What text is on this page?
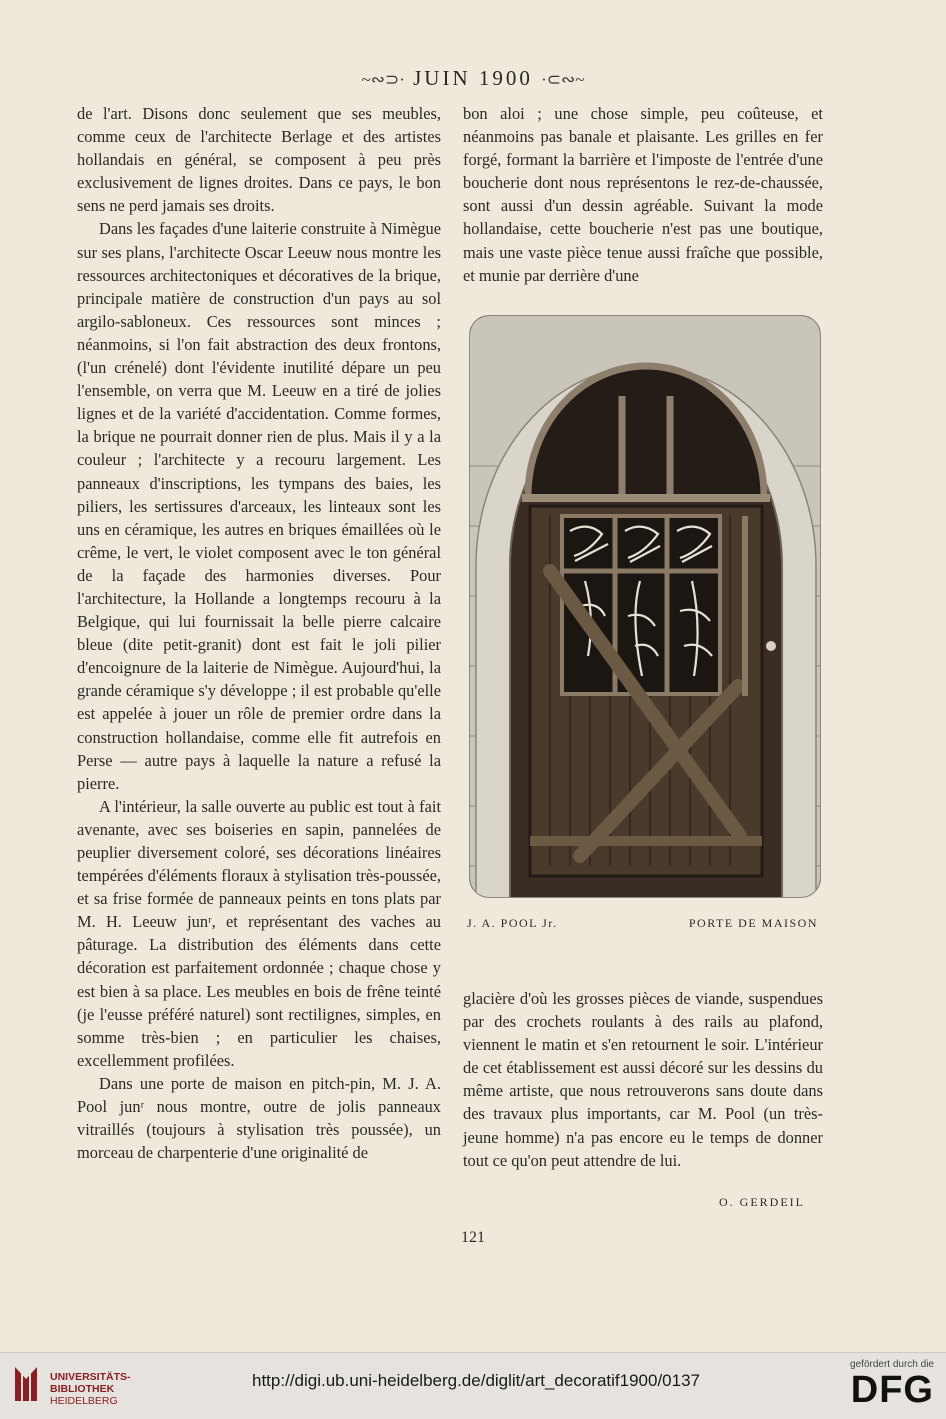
~∾⊃· JUIN 1900 ·⊂∾~

de l'art. Disons donc seulement que ses meubles, comme ceux de l'architecte Berlage et des artistes hollandais en général, se composent à peu près exclusivement de lignes droites. Dans ce pays, le bon sens ne perd jamais ses droits.

Dans les façades d'une laiterie construite à Nimègue sur ses plans, l'architecte Oscar Leeuw nous montre les ressources architectoniques et décoratives de la brique, principale matière de construction d'un pays au sol argilo-sabloneux. Ces ressources sont minces ; néanmoins, si l'on fait abstraction des deux frontons, (l'un crénelé) dont l'évidente inutilité dépare un peu l'ensemble, on verra que M. Leeuw en a tiré de jolies lignes et de la variété d'accidentation. Comme formes, la brique ne pourrait donner rien de plus. Mais il y a la couleur ; l'architecte y a recouru largement. Les panneaux d'inscriptions, les tympans des baies, les piliers, les sertissures d'arceaux, les linteaux sont les uns en céramique, les autres en briques émaillées où le crême, le vert, le violet composent avec le ton général de la façade des harmonies diverses. Pour l'architecture, la Hollande a longtemps recouru à la Belgique, qui lui fournissait la belle pierre calcaire bleue (dite petit-granit) dont est fait le joli pilier d'encoignure de la laiterie de Nimègue. Aujourd'hui, la grande céramique s'y développe ; il est probable qu'elle est appelée à jouer un rôle de premier ordre dans la construction hollandaise, comme elle fit autrefois en Perse — autre pays à laquelle la nature a refusé la pierre.

A l'intérieur, la salle ouverte au public est tout à fait avenante, avec ses boiseries en sapin, pannelées de peuplier diversement coloré, ses décorations linéaires tempérées d'éléments floraux à stylisation très-poussée, et sa frise formée de panneaux peints en tons plats par M. H. Leeuw junʳ, et représentant des vaches au pâturage. La distribution des éléments dans cette décoration est parfaitement ordonnée ; chaque chose y est bien à sa place. Les meubles en bois de frêne teinté (je l'eusse préféré naturel) sont rectilignes, simples, en somme très-bien ; en particulier les chaises, excellemment profilées.

Dans une porte de maison en pitch-pin, M. J. A. Pool junʳ nous montre, outre de jolis panneaux vitraillés (toujours à stylisation très poussée), un morceau de charpenterie d'une originalité de

bon aloi ; une chose simple, peu coûteuse, et néanmoins pas banale et plaisante. Les grilles en fer forgé, formant la barrière et l'imposte de l'entrée d'une boucherie dont nous représentons le rez-de-chaussée, sont aussi d'un dessin agréable. Suivant la mode hollandaise, cette boucherie n'est pas une boutique, mais une vaste pièce tenue aussi fraîche que possible, et munie par derrière d'une

J. A. POOL Jr.	PORTE DE MAISON

glacière d'où les grosses pièces de viande, suspendues par des crochets roulants à des rails au plafond, viennent le matin et s'en retournent le soir. L'intérieur de cet établissement est aussi décoré sur les dessins du même artiste, que nous retrouverons sans doute dans des travaux plus importants, car M. Pool (un très-jeune homme) n'a pas encore eu le temps de donner tout ce qu'on peut attendre de lui.

O. GERDEIL
121
UNIVERSITÄTS-
BIBLIOTHEK
HEIDELBERG
http://digi.ub.uni-heidelberg.de/diglit/art_decoratif1900/0137
gefördert durch die
DFG
